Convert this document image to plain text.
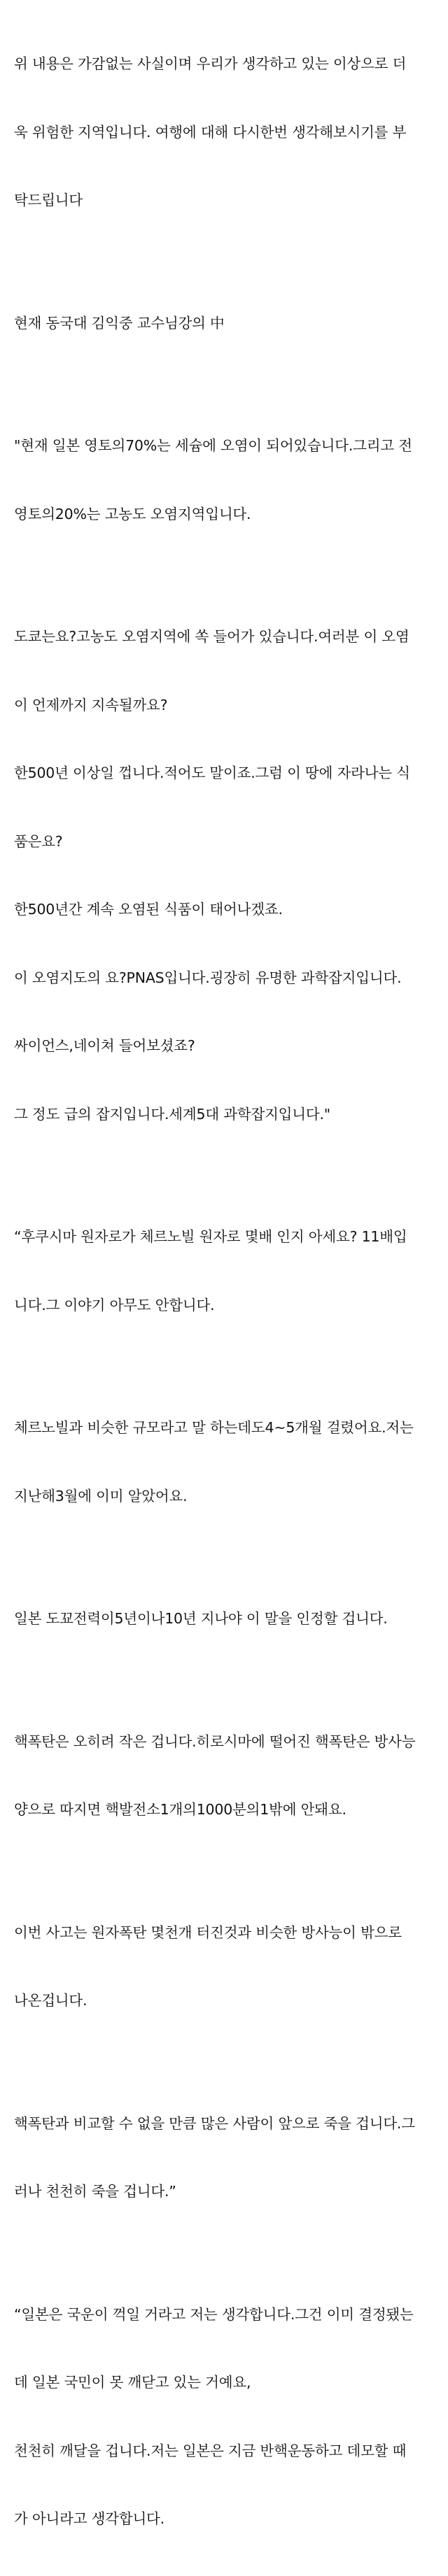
위 내용은 가감없는 사실이며 우리가 생각하고 있는 이상으로 더

욱 위험한 지역입니다. 여행에 대해 다시한번 생각해보시기를 부

탁드립니다

현재 동국대 김익중 교수님강의 中

"현재 일본 영토의70%는 세슘에 오염이 되어있습니다.그리고 전

영토의20%는 고농도 오염지역입니다.

도쿄는요?고농도 오염지역에 쏙 들어가 있습니다.여러분 이 오염

이 언제까지 지속될까요?

한500년 이상일 껍니다.적어도 말이죠.그럼 이 땅에 자라나는 식

품은요?

한500년간 계속 오염된 식품이 태어나겠죠.

이 오염지도의 요?PNAS입니다.굉장히 유명한 과학잡지입니다.

싸이언스,네이쳐 들어보셨죠?

그 정도 급의 잡지입니다.세계5대 과학잡지입니다."

“후쿠시마 원자로가 체르노빌 원자로 몇배 인지 아세요? 11배입

니다.그 이야기 아무도 안합니다.

체르노빌과 비슷한 규모라고 말 하는데도4~5개월 걸렸어요.저는

지난해3월에 이미 알았어요.

일본 도꾜전력이5년이나10년 지나야 이 말을 인정할 겁니다.

핵폭탄은 오히려 작은 겁니다.히로시마에 떨어진 핵폭탄은 방사능

양으로 따지면 핵발전소1개의1000분의1밖에 안돼요.

이번 사고는 원자폭탄 몇천개 터진것과 비슷한 방사능이 밖으로

나온겁니다.

핵폭탄과 비교할 수 없을 만큼 많은 사람이 앞으로 죽을 겁니다.그

러나 천천히 죽을 겁니다.”

“일본은 국운이 꺽일 거라고 저는 생각합니다.그건 이미 결정됐는

데 일본 국민이 못 깨닫고 있는 거예요,

천천히 깨달을 겁니다.저는 일본은 지금 반핵운동하고 데모할 때

가 아니라고 생각합니다.
